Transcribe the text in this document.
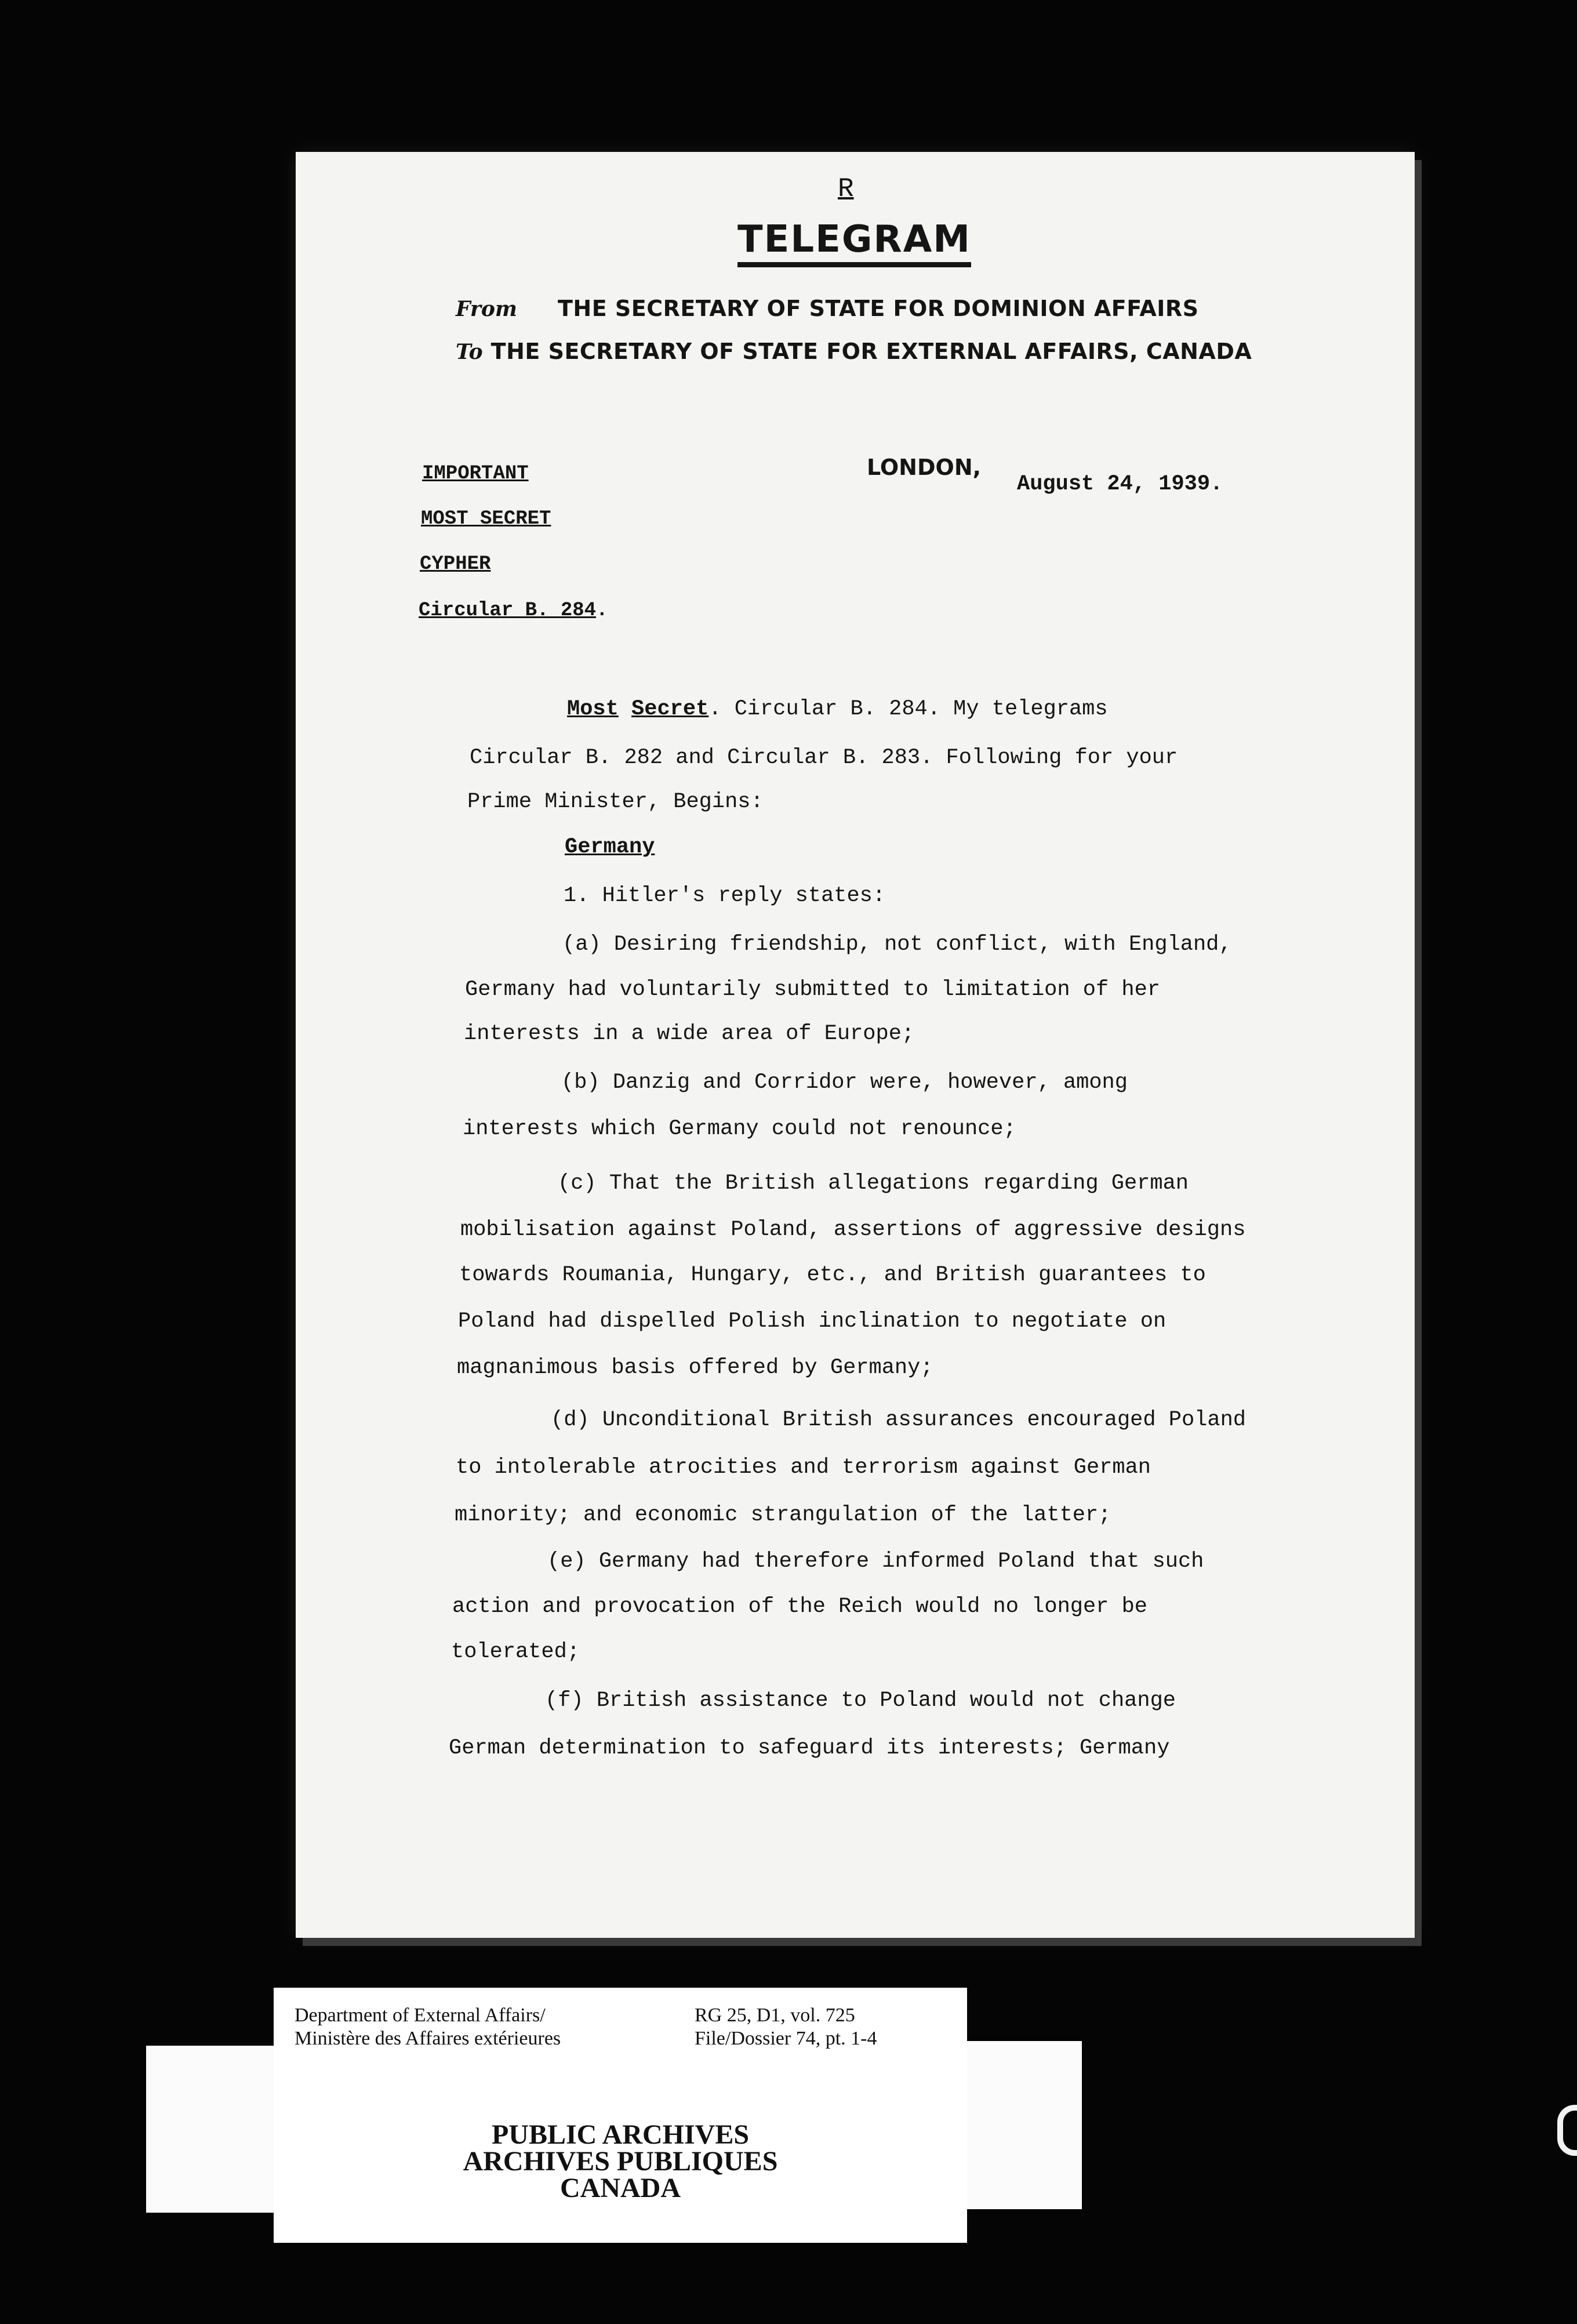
R
TELEGRAM
From THE SECRETARY OF STATE FOR DOMINION AFFAIRS
To THE SECRETARY OF STATE FOR EXTERNAL AFFAIRS, CANADA
IMPORTANT
MOST SECRET
CYPHER
Circular B. 284.
LONDON,
August 24, 1939.
Most Secret. Circular B. 284. My telegrams
Circular B. 282 and Circular B. 283. Following for your
Prime Minister, Begins:
Germany
1. Hitler's reply states:
(a) Desiring friendship, not conflict, with England,
Germany had voluntarily submitted to limitation of her
interests in a wide area of Europe;
(b) Danzig and Corridor were, however, among
interests which Germany could not renounce;
(c) That the British allegations regarding German
mobilisation against Poland, assertions of aggressive designs
towards Roumania, Hungary, etc., and British guarantees to
Poland had dispelled Polish inclination to negotiate on
magnanimous basis offered by Germany;
(d) Unconditional British assurances encouraged Poland
to intolerable atrocities and terrorism against German
minority; and economic strangulation of the latter;
(e) Germany had therefore informed Poland that such
action and provocation of the Reich would no longer be
tolerated;
(f) British assistance to Poland would not change
German determination to safeguard its interests; Germany
Department of External Affairs/
Ministère des Affaires extérieures
RG 25, D1, vol. 725
File/Dossier 74, pt. 1-4
PUBLIC ARCHIVES
ARCHIVES PUBLIQUES
CANADA
